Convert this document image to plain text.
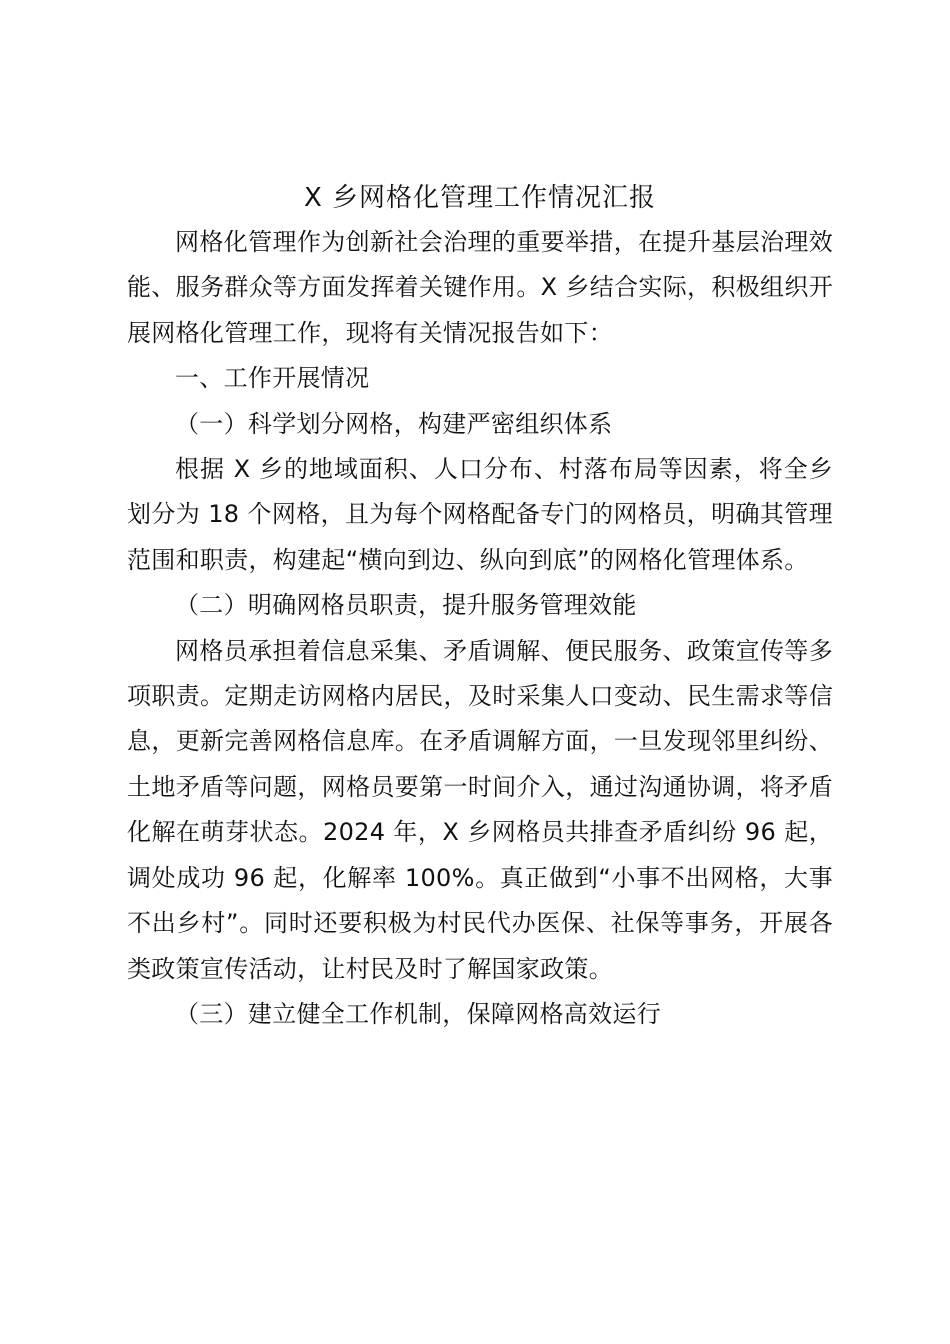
X 乡网格化管理工作情况汇报

网格化管理作为创新社会治理的重要举措，在提升基层治理效能、服务群众等方面发挥着关键作用。X 乡结合实际，积极组织开展网格化管理工作，现将有关情况报告如下：

一、工作开展情况

（一）科学划分网格，构建严密组织体系

根据 X 乡的地域面积、人口分布、村落布局等因素，将全乡划分为 18 个网格，且为每个网格配备专门的网格员，明确其管理范围和职责，构建起“横向到边、纵向到底”的网格化管理体系。

（二）明确网格员职责，提升服务管理效能

网格员承担着信息采集、矛盾调解、便民服务、政策宣传等多项职责。定期走访网格内居民，及时采集人口变动、民生需求等信息，更新完善网格信息库。在矛盾调解方面，一旦发现邻里纠纷、土地矛盾等问题，网格员要第一时间介入，通过沟通协调，将矛盾化解在萌芽状态。2024 年，X 乡网格员共排查矛盾纠纷 96 起，调处成功 96 起，化解率 100%。真正做到“小事不出网格，大事不出乡村”。同时还要积极为村民代办医保、社保等事务，开展各类政策宣传活动，让村民及时了解国家政策。

（三）建立健全工作机制，保障网格高效运行
